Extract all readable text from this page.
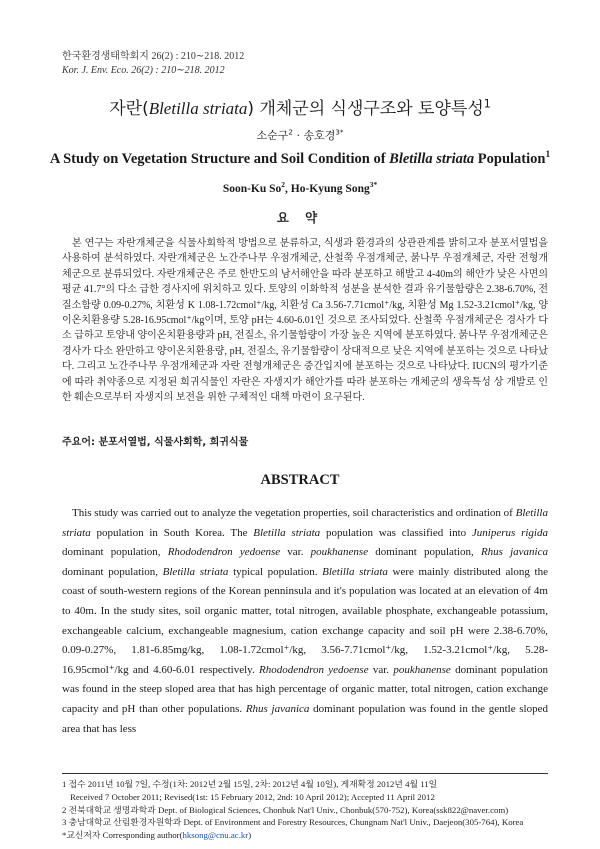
한국환경생태학회지 26(2) : 210∼218. 2012
Kor. J. Env. Eco. 26(2) : 210∼218. 2012
자란(Bletilla striata) 개체군의 식생구조와 토양특성$^1$
소순구$^2$ · 송호경$^{3*}$
A Study on Vegetation Structure and Soil Condition of Bletilla striata Population$^1$
Soon-Ku So$^2$, Ho-Kyung Song$^{3*}$
요 약
본 연구는 자란개체군을 식물사회학적 방법으로 분류하고, 식생과 환경과의 상관관계를 밝히고자 분포서열법을 사용하여 분석하였다. 자란개체군은 노간주나무 우점개체군, 산철쭉 우점개체군, 붉나무 우점개체군, 자란 전형개체군으로 분류되었다. 자란개체군은 주로 한반도의 남서해안을 따라 분포하고 해발고 4-40m의 해안가 낮은 사면의 평균 41.7°의 다소 급한 경사지에 위치하고 있다. 토양의 이화학적 성분을 분석한 결과 유기물함량은 2.38-6.70%, 전질소함량 0.09-0.27%, 치환성 K 1.08-1.72cmol⁺/kg, 치환성 Ca 3.56-7.71cmol⁺/kg, 치환성 Mg 1.52-3.21cmol⁺/kg, 양이온치환용량 5.28-16.95cmol⁺/kg이며, 토양 pH는 4.60-6.01인 것으로 조사되었다. 산철쭉 우점개체군은 경사가 다소 급하고 토양내 양이온치환용량과 pH, 전질소, 유기물함량이 가장 높은 지역에 분포하였다. 붉나무 우점개체군은 경사가 다소 완만하고 양이온치환용량, pH, 전질소, 유기물함량이 상대적으로 낮은 지역에 분포하는 것으로 나타났다. 그리고 노간주나무 우점개체군과 자란 전형개체군은 중간입지에 분포하는 것으로 나타났다. IUCN의 평가기준에 따라 취약종으로 지정된 희귀식물인 자란은 자생지가 해안가를 따라 분포하는 개체군의 생육특성 상 개발로 인한 훼손으로부터 자생지의 보전을 위한 구체적인 대책 마련이 요구된다.
주요어: 분포서열법, 식물사회학, 희귀식물
ABSTRACT
This study was carried out to analyze the vegetation properties, soil characteristics and ordination of Bletilla striata population in South Korea. The Bletilla striata population was classified into Juniperus rigida dominant population, Rhododendron yedoense var. poukhanense dominant population, Rhus javanica dominant population, Bletilla striata typical population. Bletilla striata were mainly distributed along the coast of south-western regions of the Korean penninsula and it's population was located at an elevation of 4m to 40m. In the study sites, soil organic matter, total nitrogen, available phosphate, exchangeable potassium, exchangeable calcium, exchangeable magnesium, cation exchange capacity and soil pH were 2.38-6.70%, 0.09-0.27%, 1.81-6.85mg/kg, 1.08-1.72cmol⁺/kg, 3.56-7.71cmol⁺/kg, 1.52-3.21cmol⁺/kg, 5.28-16.95cmol⁺/kg and 4.60-6.01 respectively. Rhododendron yedoense var. poukhanense dominant population was found in the steep sloped area that has high percentage of organic matter, total nitrogen, cation exchange capacity and pH than other populations. Rhus javanica dominant population was found in the gentle sloped area that has less
1 접수 2011년 10월 7일, 수정(1차: 2012년 2월 15일, 2차: 2012년 4월 10일), 게재확정 2012년 4월 11일
Received 7 October 2011; Revised(1st: 15 February 2012, 2nd: 10 April 2012); Accepted 11 April 2012
2 전북대학교 생명과학과 Dept. of Biological Sciences, Chonbuk Nat'l Univ., Chonbuk(570-752), Korea(ssk822@naver.com)
3 충남대학교 산림환경자원학과 Dept. of Environment and Forestry Resources, Chungnam Nat'l Univ., Daejeon(305-764), Korea
*교신저자 Corresponding author(hksong@cnu.ac.kr)
